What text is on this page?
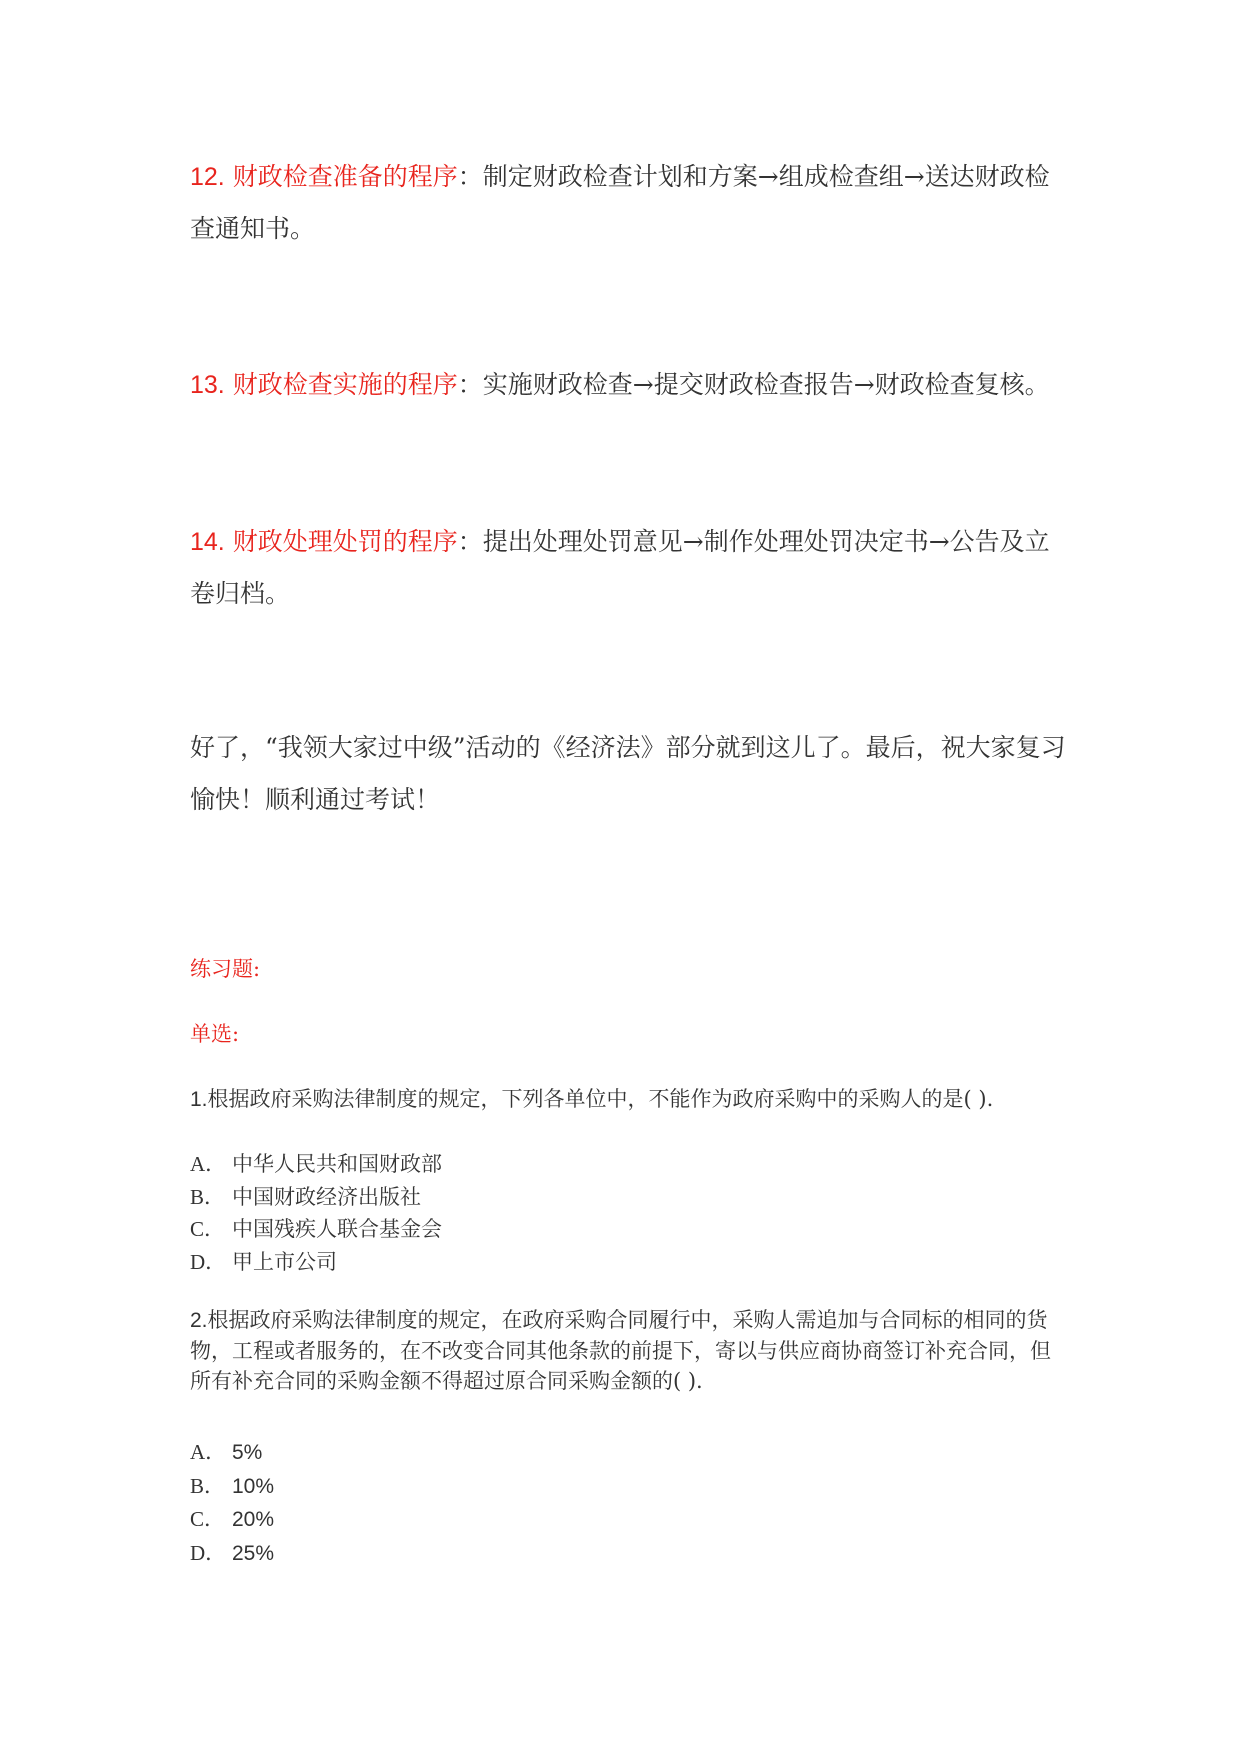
12. 财政检查准备的程序：制定财政检查计划和方案→组成检查组→送达财政检查通知书。

13. 财政检查实施的程序：实施财政检查→提交财政检查报告→财政检查复核。

14. 财政处理处罚的程序：提出处理处罚意见→制作处理处罚决定书→公告及立卷归档。

好了，“我领大家过中级”活动的《经济法》部分就到这儿了。最后，祝大家复习愉快！顺利通过考试！

练习题:

单选:

1.根据政府采购法律制度的规定，下列各单位中，不能作为政府采购中的采购人的是( ).

A． 中华人民共和国财政部
B． 中国财政经济出版社
C． 中国残疾人联合基金会
D． 甲上市公司

2.根据政府采购法律制度的规定，在政府采购合同履行中，采购人需追加与合同标的相同的货物，工程或者服务的，在不改变合同其他条款的前提下，寄以与供应商协商签订补充合同，但所有补充合同的采购金额不得超过原合同采购金额的( ).

A． 5%
B． 10%
C． 20%
D． 25%
